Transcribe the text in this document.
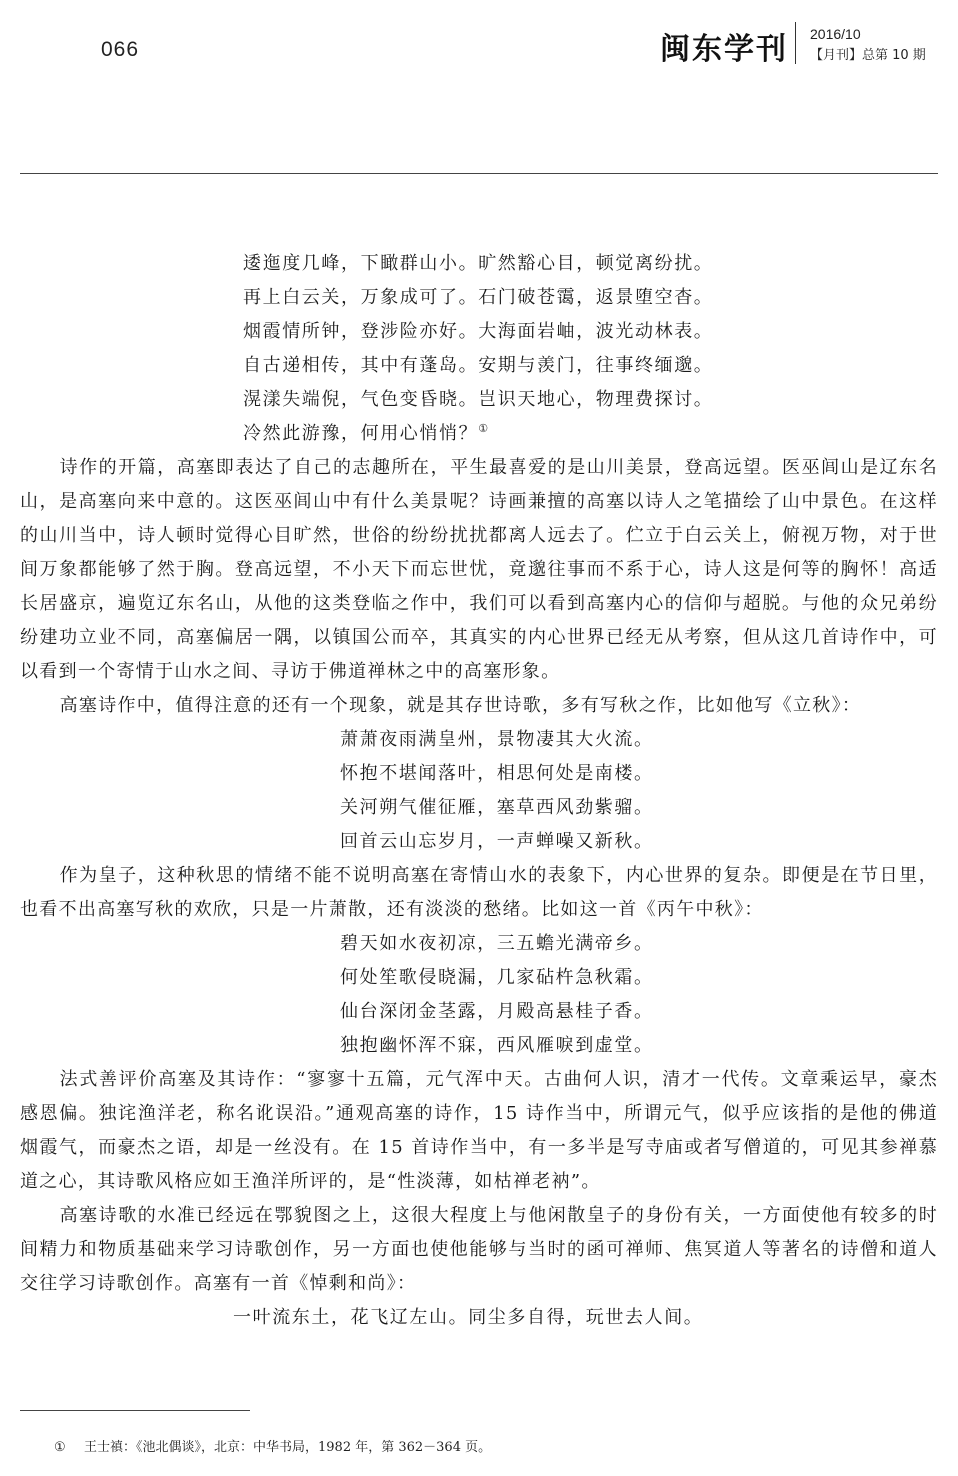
066	闽东学刊 2016/10
【月刊】总第 10 期
逶迤度几峰，下瞰群山小。旷然豁心目，顿觉离纷扰。
再上白云关，万象成可了。石门破苍霭，返景堕空杳。
烟霞情所钟，登涉险亦好。大海面岩岫，波光动林表。
自古递相传，其中有蓬岛。安期与羡门，往事终缅邈。
滉漾失端倪，气色变昏晓。岂识天地心，物理费探讨。
冷然此游豫，何用心悄悄？①

诗作的开篇，高塞即表达了自己的志趣所在，平生最喜爱的是山川美景，登高远望。医巫闾山是辽东名山，是高塞向来中意的。这医巫闾山中有什么美景呢？诗画兼擅的高塞以诗人之笔描绘了山中景色。在这样的山川当中，诗人顿时觉得心目旷然，世俗的纷纷扰扰都离人远去了。伫立于白云关上，俯视万物，对于世间万象都能够了然于胸。登高远望，不小天下而忘世忧，竟邈往事而不系于心，诗人这是何等的胸怀！高适长居盛京，遍览辽东名山，从他的这类登临之作中，我们可以看到高塞内心的信仰与超脱。与他的众兄弟纷纷建功立业不同，高塞偏居一隅，以镇国公而卒，其真实的内心世界已经无从考察，但从这几首诗作中，可以看到一个寄情于山水之间、寻访于佛道禅林之中的高塞形象。

高塞诗作中，值得注意的还有一个现象，就是其存世诗歌，多有写秋之作，比如他写《立秋》：

萧萧夜雨满皇州，景物凄其大火流。
怀抱不堪闻落叶，相思何处是南楼。
关河朔气催征雁，塞草西风劲紫骝。
回首云山忘岁月，一声蝉噪又新秋。

作为皇子，这种秋思的情绪不能不说明高塞在寄情山水的表象下，内心世界的复杂。即便是在节日里，也看不出高塞写秋的欢欣，只是一片萧散，还有淡淡的愁绪。比如这一首《丙午中秋》：

碧天如水夜初凉，三五蟾光满帝乡。
何处笙歌侵晓漏，几家砧杵急秋霜。
仙台深闭金茎露，月殿高悬桂子香。
独抱幽怀浑不寐，西风雁唳到虚堂。

法式善评价高塞及其诗作：“寥寥十五篇，元气浑中天。古曲何人识，清才一代传。文章乘运早，豪杰感恩偏。独诧渔洋老，称名讹误沿。”通观高塞的诗作，15 诗作当中，所谓元气，似乎应该指的是他的佛道烟霞气，而豪杰之语，却是一丝没有。在 15 首诗作当中，有一多半是写寺庙或者写僧道的，可见其参禅慕道之心，其诗歌风格应如王渔洋所评的，是“性淡薄，如枯禅老衲”。

高塞诗歌的水准已经远在鄂貌图之上，这很大程度上与他闲散皇子的身份有关，一方面使他有较多的时间精力和物质基础来学习诗歌创作，另一方面也使他能够与当时的函可禅师、焦冥道人等著名的诗僧和道人交往学习诗歌创作。高塞有一首《悼剩和尚》：

一叶流东土，花飞辽左山。同尘多自得，玩世去人间。
① 王士禛：《池北偶谈》，北京：中华书局，1982 年，第 362－364 页。
